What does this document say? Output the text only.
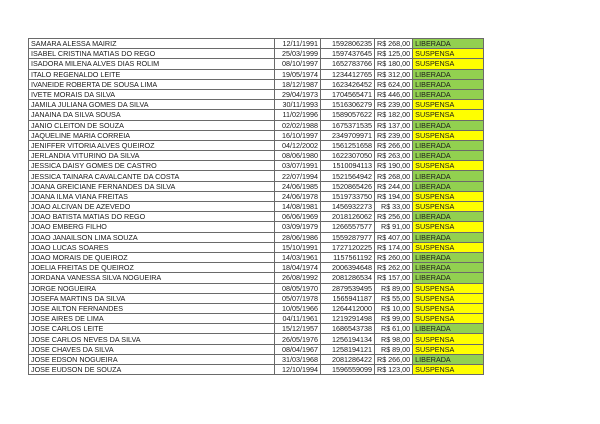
SAMARA ALESSA MAIRIZ	12/11/1991	1592806235	R$ 268,00	LIBERADA
ISABEL CRISTINA MATIAS DO REGO	25/03/1999	1597437645	R$ 125,00	SUSPENSA
ISADORA MILENA ALVES DIAS ROLIM	08/10/1997	1652783766	R$ 180,00	SUSPENSA
ITALO REGENALDO LEITE	19/05/1974	1234412765	R$ 312,00	LIBERADA
IVANEIDE ROBERTA DE SOUSA LIMA	18/12/1987	1623426452	R$ 624,00	LIBERADA
IVETE MORAIS DA SILVA	29/04/1973	1704565471	R$ 446,00	LIBERADA
JAMILA JULIANA GOMES DA SILVA	30/11/1993	1516306279	R$ 239,00	SUSPENSA
JANAINA DA SILVA SOUSA	11/02/1996	1589057622	R$ 182,00	SUSPENSA
JANIO CLEITON DE SOUZA	02/02/1988	1675371535	R$ 137,00	LIBERADA
JAQUELINE MARIA CORREIA	16/10/1997	2349709971	R$ 239,00	SUSPENSA
JENIFFER VITORIA ALVES QUEIROZ	04/12/2002	1561251658	R$ 266,00	LIBERADA
JERLANDIA VITURINO DA SILVA	08/06/1980	1622307050	R$ 263,00	LIBERADA
JESSICA DAISY GOMES DE CASTRO	03/07/1991	1510094113	R$ 190,00	SUSPENSA
JESSICA TAINARA CAVALCANTE DA COSTA	22/07/1994	1521564942	R$ 268,00	LIBERADA
JOANA GREICIANE FERNANDES DA SILVA	24/06/1985	1520865426	R$ 244,00	LIBERADA
JOANA ILMA VIANA FREITAS	24/06/1978	1519733750	R$ 194,00	SUSPENSA
JOAO ALCIVAN DE AZEVEDO	14/08/1981	1456932273	R$ 33,00	SUSPENSA
JOAO BATISTA MATIAS DO REGO	06/06/1969	2018126062	R$ 256,00	LIBERADA
JOAO EMBERG FILHO	03/09/1979	1266557577	R$ 91,00	SUSPENSA
JOAO JANAILSON LIMA SOUZA	28/06/1986	1559287977	R$ 407,00	LIBERADA
JOAO LUCAS SOARES	15/10/1991	1727120225	R$ 174,00	SUSPENSA
JOAO MORAIS DE QUEIROZ	14/03/1961	1157561192	R$ 260,00	LIBERADA
JOELIA FREITAS DE QUEIROZ	18/04/1974	2006394648	R$ 262,00	LIBERADA
JORDANA VANESSA SILVA NOGUEIRA	26/08/1992	2081286534	R$ 157,00	LIBERADA
JORGE NOGUEIRA	08/05/1970	2879539495	R$ 89,00	SUSPENSA
JOSEFA MARTINS DA SILVA	05/07/1978	1565941187	R$ 55,00	SUSPENSA
JOSE AILTON FERNANDES	10/05/1966	1264412000	R$ 10,00	SUSPENSA
JOSE AIRES DE LIMA	04/11/1961	1219291498	R$ 99,00	SUSPENSA
JOSE CARLOS LEITE	15/12/1957	1686543738	R$ 61,00	LIBERADA
JOSE CARLOS NEVES DA SILVA	26/05/1976	1256194134	R$ 98,00	SUSPENSA
JOSE CHAVES DA SILVA	08/04/1967	1258194121	R$ 89,00	SUSPENSA
JOSE EDSON NOGUEIRA	31/03/1968	2081286422	R$ 266,00	LIBERADA
JOSE EUDSON DE SOUZA	12/10/1994	1596559099	R$ 123,00	SUSPENSA
